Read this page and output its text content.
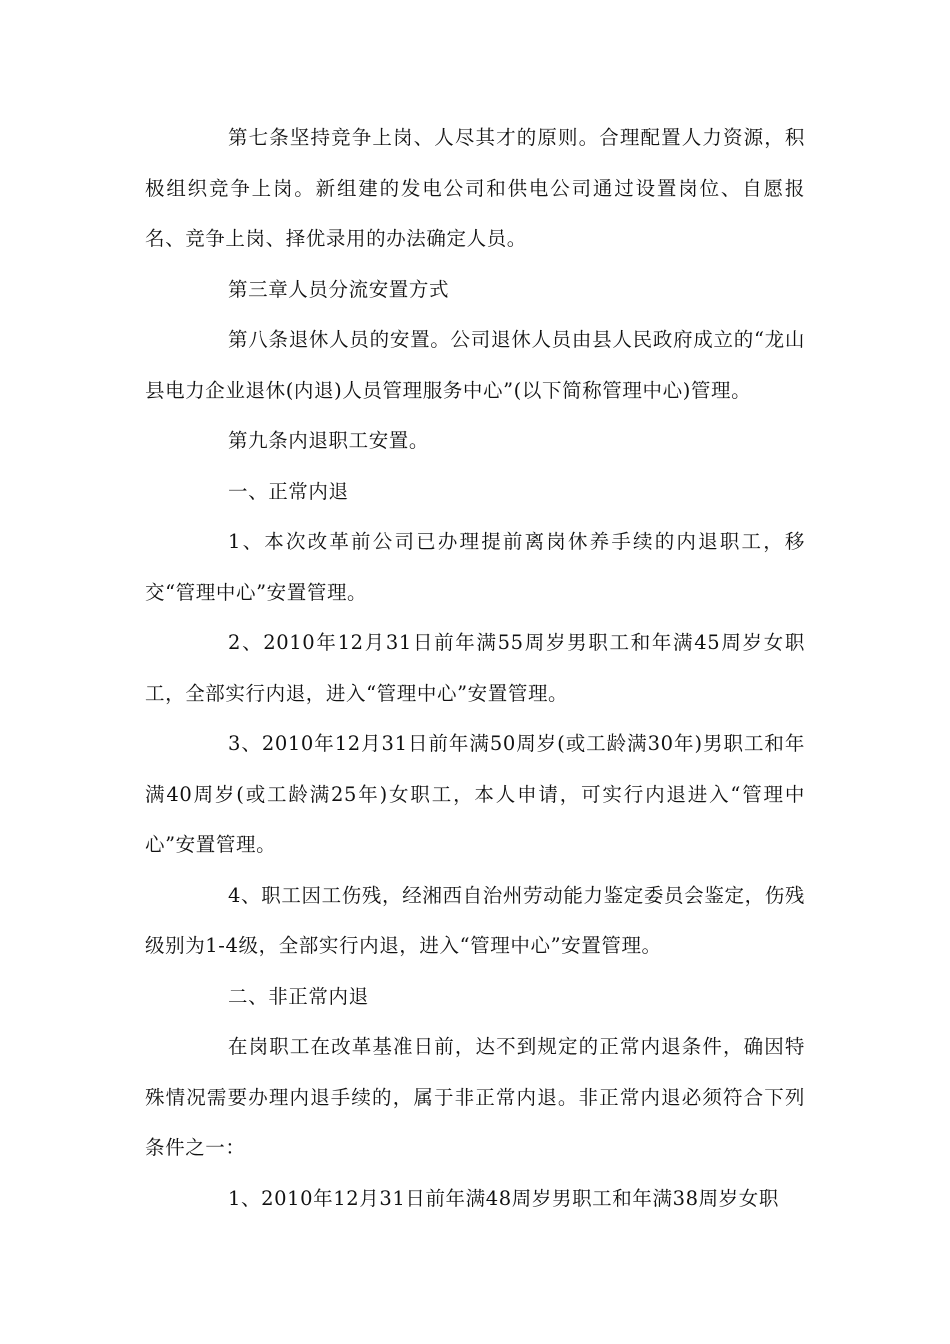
第七条坚持竞争上岗、人尽其才的原则。合理配置人力资源，积极组织竞争上岗。新组建的发电公司和供电公司通过设置岗位、自愿报名、竞争上岗、择优录用的办法确定人员。

第三章人员分流安置方式

第八条退休人员的安置。公司退休人员由县人民政府成立的“龙山县电力企业退休(内退)人员管理服务中心”(以下简称管理中心)管理。

第九条内退职工安置。

一、正常内退

1、本次改革前公司已办理提前离岗休养手续的内退职工，移交“管理中心”安置管理。

2、2010年12月31日前年满55周岁男职工和年满45周岁女职工，全部实行内退，进入“管理中心”安置管理。

3、2010年12月31日前年满50周岁(或工龄满30年)男职工和年满40周岁(或工龄满25年)女职工，本人申请，可实行内退进入“管理中心”安置管理。

4、职工因工伤残，经湘西自治州劳动能力鉴定委员会鉴定，伤残级别为1-4级，全部实行内退，进入“管理中心”安置管理。

二、非正常内退

在岗职工在改革基准日前，达不到规定的正常内退条件，确因特殊情况需要办理内退手续的，属于非正常内退。非正常内退必须符合下列条件之一：

1、2010年12月31日前年满48周岁男职工和年满38周岁女职
